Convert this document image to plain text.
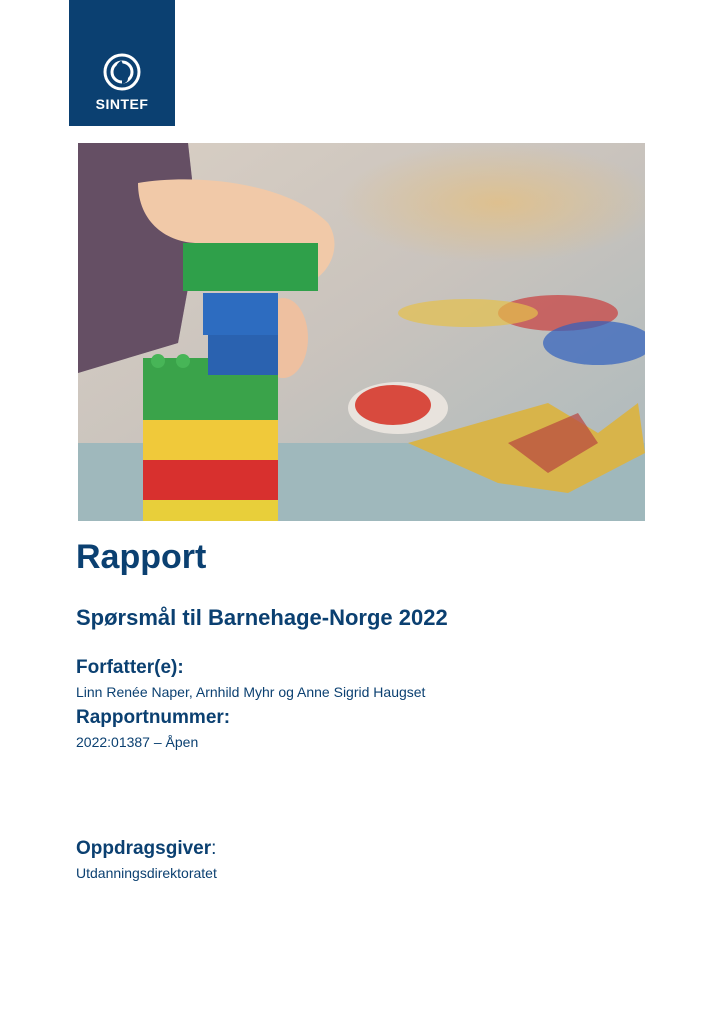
SINTEF
Rapport
Spørsmål til Barnehage-Norge 2022
Forfatter(e):
Linn Renée Naper, Arnhild Myhr og Anne Sigrid Haugset
Rapportnummer:
2022:01387 – Åpen
Oppdragsgiver:
Utdanningsdirektoratet
